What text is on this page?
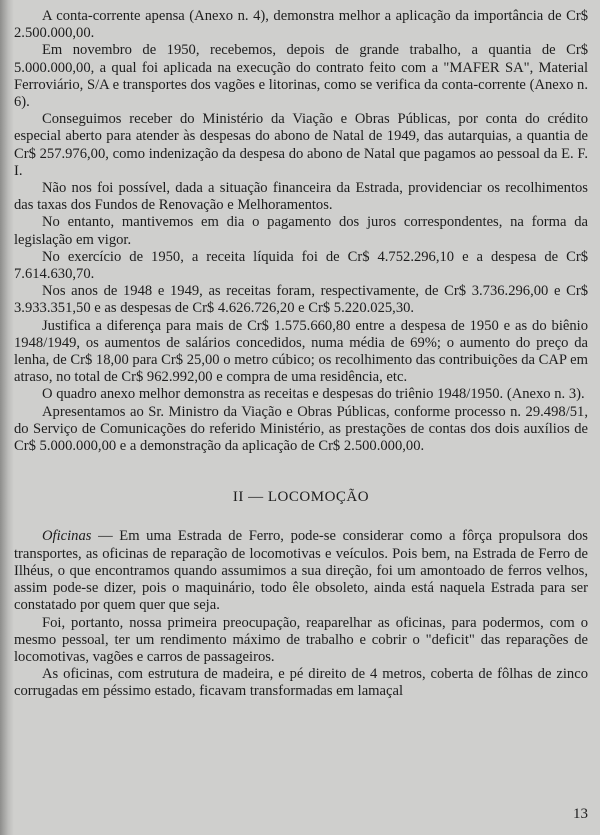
A conta-corrente apensa (Anexo n. 4), demonstra melhor a aplicação da importância de Cr$ 2.500.000,00.

Em novembro de 1950, recebemos, depois de grande trabalho, a quantia de Cr$ 5.000.000,00, a qual foi aplicada na execução do contrato feito com a "MAFER SA", Material Ferroviário, S/A e transportes dos vagões e litorinas, como se verifica da conta-corrente (Anexo n. 6).

Conseguimos receber do Ministério da Viação e Obras Públicas, por conta do crédito especial aberto para atender às despesas do abono de Natal de 1949, das autarquias, a quantia de Cr$ 257.976,00, como indenização da despesa do abono de Natal que pagamos ao pessoal da E. F. I.

Não nos foi possível, dada a situação financeira da Estrada, providenciar os recolhimentos das taxas dos Fundos de Renovação e Melhoramentos.

No entanto, mantivemos em dia o pagamento dos juros correspondentes, na forma da legislação em vigor.

No exercício de 1950, a receita líquida foi de Cr$ 4.752.296,10 e a despesa de Cr$ 7.614.630,70.

Nos anos de 1948 e 1949, as receitas foram, respectivamente, de Cr$ 3.736.296,00 e Cr$ 3.933.351,50 e as despesas de Cr$ 4.626.726,20 e Cr$ 5.220.025,30.

Justifica a diferença para mais de Cr$ 1.575.660,80 entre a despesa de 1950 e as do biênio 1948/1949, os aumentos de salários concedidos, numa média de 69%; o aumento do preço da lenha, de Cr$ 18,00 para Cr$ 25,00 o metro cúbico; os recolhimento das contribuições da CAP em atraso, no total de Cr$ 962.992,00 e compra de uma residência, etc.

O quadro anexo melhor demonstra as receitas e despesas do triênio 1948/1950. (Anexo n. 3).

Apresentamos ao Sr. Ministro da Viação e Obras Públicas, conforme processo n. 29.498/51, do Serviço de Comunicações do referido Ministério, as prestações de contas dos dois auxílios de Cr$ 5.000.000,00 e a demonstração da aplicação de Cr$ 2.500.000,00.

II — LOCOMOÇÃO

Oficinas — Em uma Estrada de Ferro, pode-se considerar como a fôrça propulsora dos transportes, as oficinas de reparação de locomotivas e veículos. Pois bem, na Estrada de Ferro de Ilhéus, o que encontramos quando assumimos a sua direção, foi um amontoado de ferros velhos, assim pode-se dizer, pois o maquinário, todo êle obsoleto, ainda está naquela Estrada para ser constatado por quem quer que seja.

Foi, portanto, nossa primeira preocupação, reaparelhar as oficinas, para podermos, com o mesmo pessoal, ter um rendimento máximo de trabalho e cobrir o "deficit" das reparações de locomotivas, vagões e carros de passageiros.

As oficinas, com estrutura de madeira, e pé direito de 4 metros, coberta de fôlhas de zinco corrugadas em péssimo estado, ficavam transformadas em lamaçal

13
